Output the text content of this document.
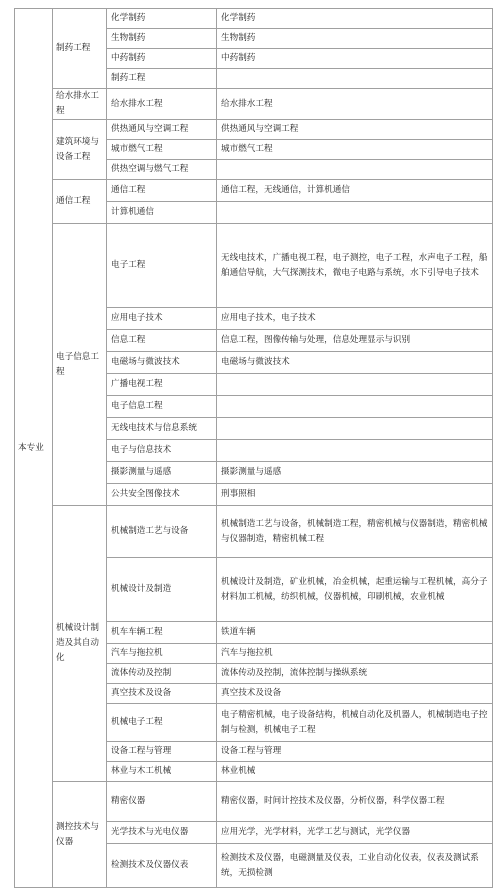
本专业	制药工程	化学制药	化学制药
		生物制药	生物制药
		中药制药	中药制药
		制药工程	
	给水排水工程	给水排水工程	给水排水工程
	建筑环境与设备工程	供热通风与空调工程	供热通风与空调工程
		城市燃气工程	城市燃气工程
		供热空调与燃气工程	
	通信工程	通信工程	通信工程，无线通信，计算机通信
		计算机通信	
	电子信息工程	电子工程	无线电技术，广播电视工程，电子测控，电子工程，水声电子工程，船舶通信导航，大气探测技术，微电子电路与系统，水下引导电子技术
		应用电子技术	应用电子技术，电子技术
		信息工程	信息工程，图像传输与处理，信息处理显示与识别
		电磁场与微波技术	电磁场与微波技术
		广播电视工程	
		电子信息工程	
		无线电技术与信息系统	
		电子与信息技术	
		摄影测量与遥感	摄影测量与遥感
		公共安全图像技术	刑事照相
	机械设计制造及其自动化	机械制造工艺与设备	机械制造工艺与设备，机械制造工程，精密机械与仪器制造，精密机械与仪器制造，精密机械工程
		机械设计及制造	机械设计及制造，矿业机械，冶金机械，起重运输与工程机械，高分子材料加工机械，纺织机械，仪器机械，印刷机械，农业机械
		机车车辆工程	铁道车辆
		汽车与拖拉机	汽车与拖拉机
		流体传动及控制	流体传动及控制，流体控制与操纵系统
		真空技术及设备	真空技术及设备
		机械电子工程	电子精密机械，电子设备结构，机械自动化及机器人，机械制造电子控制与检测，机械电子工程
		设备工程与管理	设备工程与管理
		林业与木工机械	林业机械
	测控技术与仪器	精密仪器	精密仪器，时间计控技术及仪器，分析仪器，科学仪器工程
		光学技术与光电仪器	应用光学，光学材料，光学工艺与测试，光学仪器
		检测技术及仪器仪表	检测技术及仪器，电磁测量及仪表，工业自动化仪表，仪表及测试系统，无损检测
